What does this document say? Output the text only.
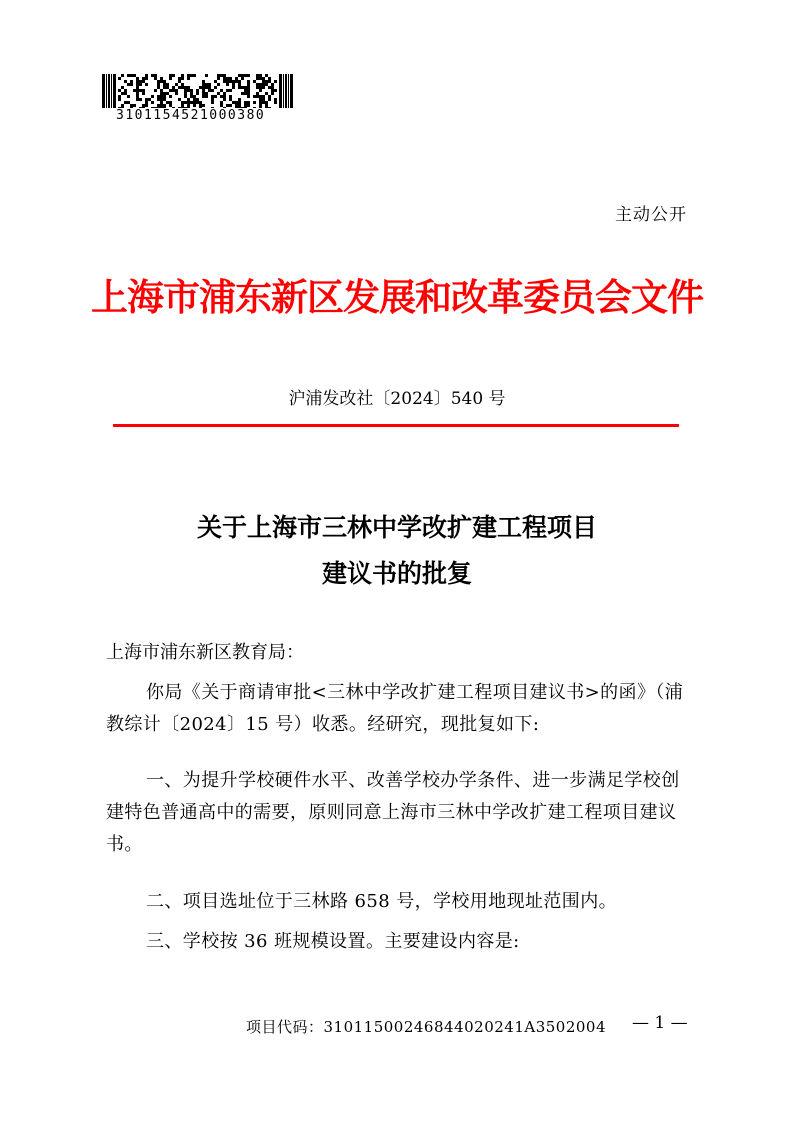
3101154521000380
主动公开
上海市浦东新区发展和改革委员会文件
沪浦发改社〔2024〕540 号
关于上海市三林中学改扩建工程项目
建议书的批复
上海市浦东新区教育局：
你局《关于商请审批<三林中学改扩建工程项目建议书>的函》（浦教综计〔2024〕15 号）收悉。经研究，现批复如下:
一、为提升学校硬件水平、改善学校办学条件、进一步满足学校创建特色普通高中的需要，原则同意上海市三林中学改扩建工程项目建议书。
二、项目选址位于三林路 658 号，学校用地现址范围内。
三、学校按 36 班规模设置。主要建设内容是:
项目代码：31011500246844020241A3502004 — 1 —
